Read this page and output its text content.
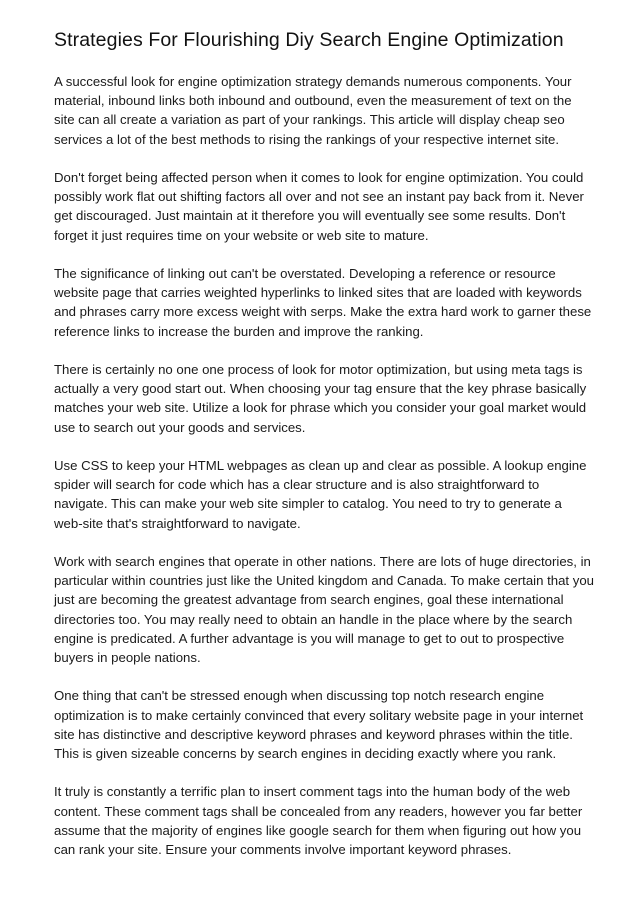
Strategies For Flourishing Diy Search Engine Optimization

A successful look for engine optimization strategy demands numerous components. Your material, inbound links both inbound and outbound, even the measurement of text on the site can all create a variation as part of your rankings. This article will display cheap seo services a lot of the best methods to rising the rankings of your respective internet site.

Don't forget being affected person when it comes to look for engine optimization. You could possibly work flat out shifting factors all over and not see an instant pay back from it. Never get discouraged. Just maintain at it therefore you will eventually see some results. Don't forget it just requires time on your website or web site to mature.

The significance of linking out can't be overstated. Developing a reference or resource website page that carries weighted hyperlinks to linked sites that are loaded with keywords and phrases carry more excess weight with serps. Make the extra hard work to garner these reference links to increase the burden and improve the ranking.

There is certainly no one one process of look for motor optimization, but using meta tags is actually a very good start out. When choosing your tag ensure that the key phrase basically matches your web site. Utilize a look for phrase which you consider your goal market would use to search out your goods and services.

Use CSS to keep your HTML webpages as clean up and clear as possible. A lookup engine spider will search for code which has a clear structure and is also straightforward to navigate. This can make your web site simpler to catalog. You need to try to generate a web-site that's straightforward to navigate.

Work with search engines that operate in other nations. There are lots of huge directories, in particular within countries just like the United kingdom and Canada. To make certain that you just are becoming the greatest advantage from search engines, goal these international directories too. You may really need to obtain an handle in the place where by the search engine is predicated. A further advantage is you will manage to get to out to prospective buyers in people nations.

One thing that can't be stressed enough when discussing top notch research engine optimization is to make certainly convinced that every solitary website page in your internet site has distinctive and descriptive keyword phrases and keyword phrases within the title. This is given sizeable concerns by search engines in deciding exactly where you rank.

It truly is constantly a terrific plan to insert comment tags into the human body of the web content. These comment tags shall be concealed from any readers, however you far better assume that the majority of engines like google search for them when figuring out how you can rank your site. Ensure your comments involve important keyword phrases.
